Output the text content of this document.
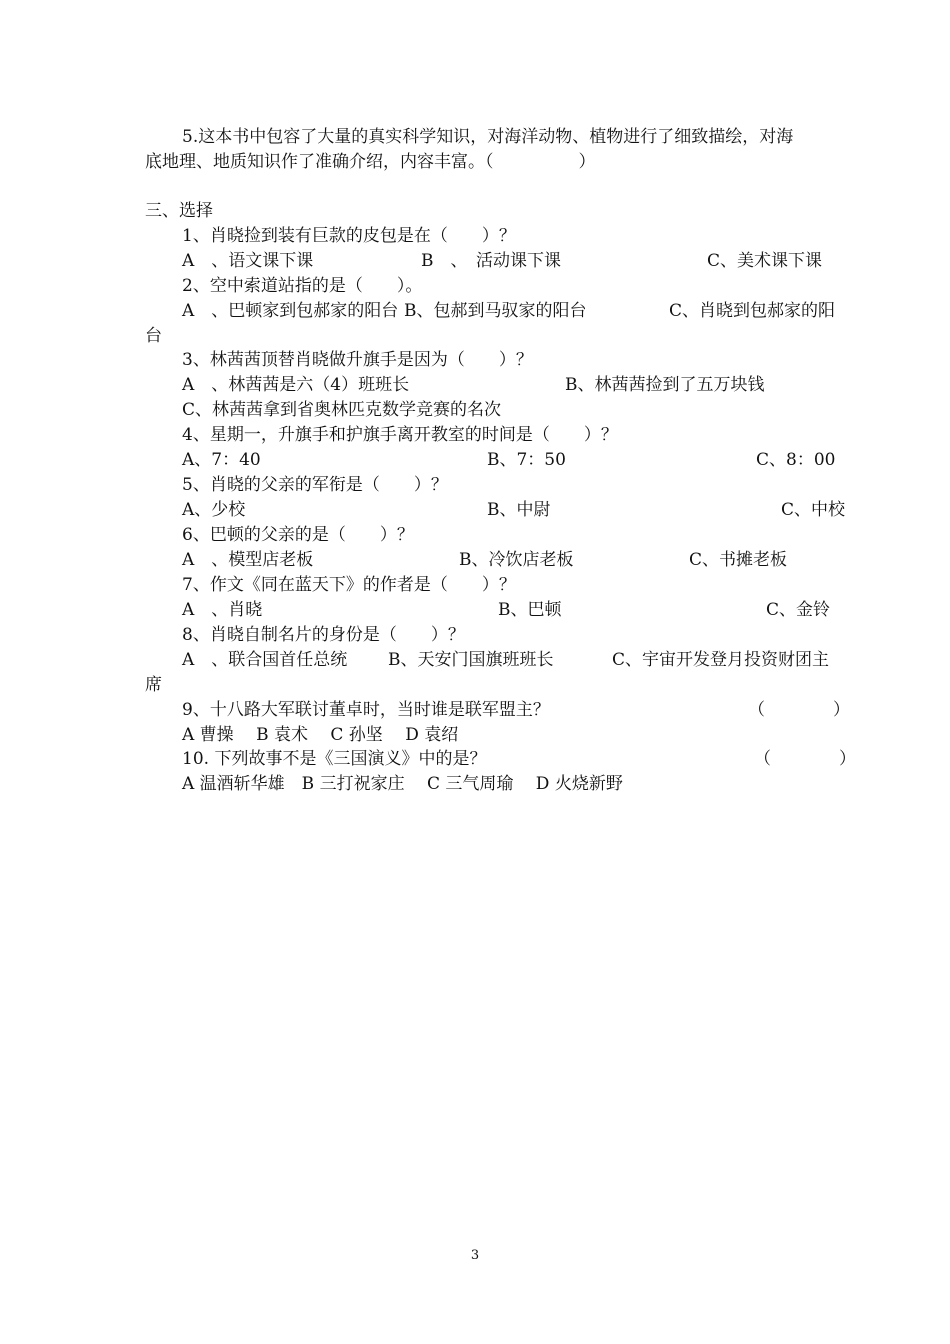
5.这本书中包容了大量的真实科学知识，对海洋动物、植物进行了细致描绘，对海
底地理、地质知识作了准确介绍，内容丰富。（　　　　　）
三、选择
1、肖晓捡到装有巨款的皮包是在（　　）？
A　、语文课下课	B　、　活动课下课	C、美术课下课
2、空中索道站指的是（　　）。
A　、巴顿家到包郝家的阳台 B、包郝到马驭家的阳台	C、肖晓到包郝家的阳
台
3、林茜茜顶替肖晓做升旗手是因为（　　）？
A　、林茜茜是六（4）班班长	B、林茜茜捡到了五万块钱
C、林茜茜拿到省奥林匹克数学竞赛的名次
4、星期一，升旗手和护旗手离开教室的时间是（　　）？
A、7：40	B、7：50	C、8：00
5、肖晓的父亲的军衔是（　　）？
A、少校	B、中尉	C、中校
6、巴顿的父亲的是（　　）？
A　、模型店老板	B、冷饮店老板	C、书摊老板
7、作文《同在蓝天下》的作者是（　　）？
A　、肖晓	B、巴顿	C、金铃
8、肖晓自制名片的身份是（　　）？
A　、联合国首任总统 B、天安门国旗班班长	C、宇宙开发登月投资财团主
席
9、十八路大军联讨董卓时，当时谁是联军盟主？	（　　　　）
A 曹操　 B 袁术　 C 孙坚　 D 袁绍
10. 下列故事不是《三国演义》中的是？	（　　　　）
A 温酒斩华雄　B 三打祝家庄　 C 三气周瑜　 D 火烧新野
3
